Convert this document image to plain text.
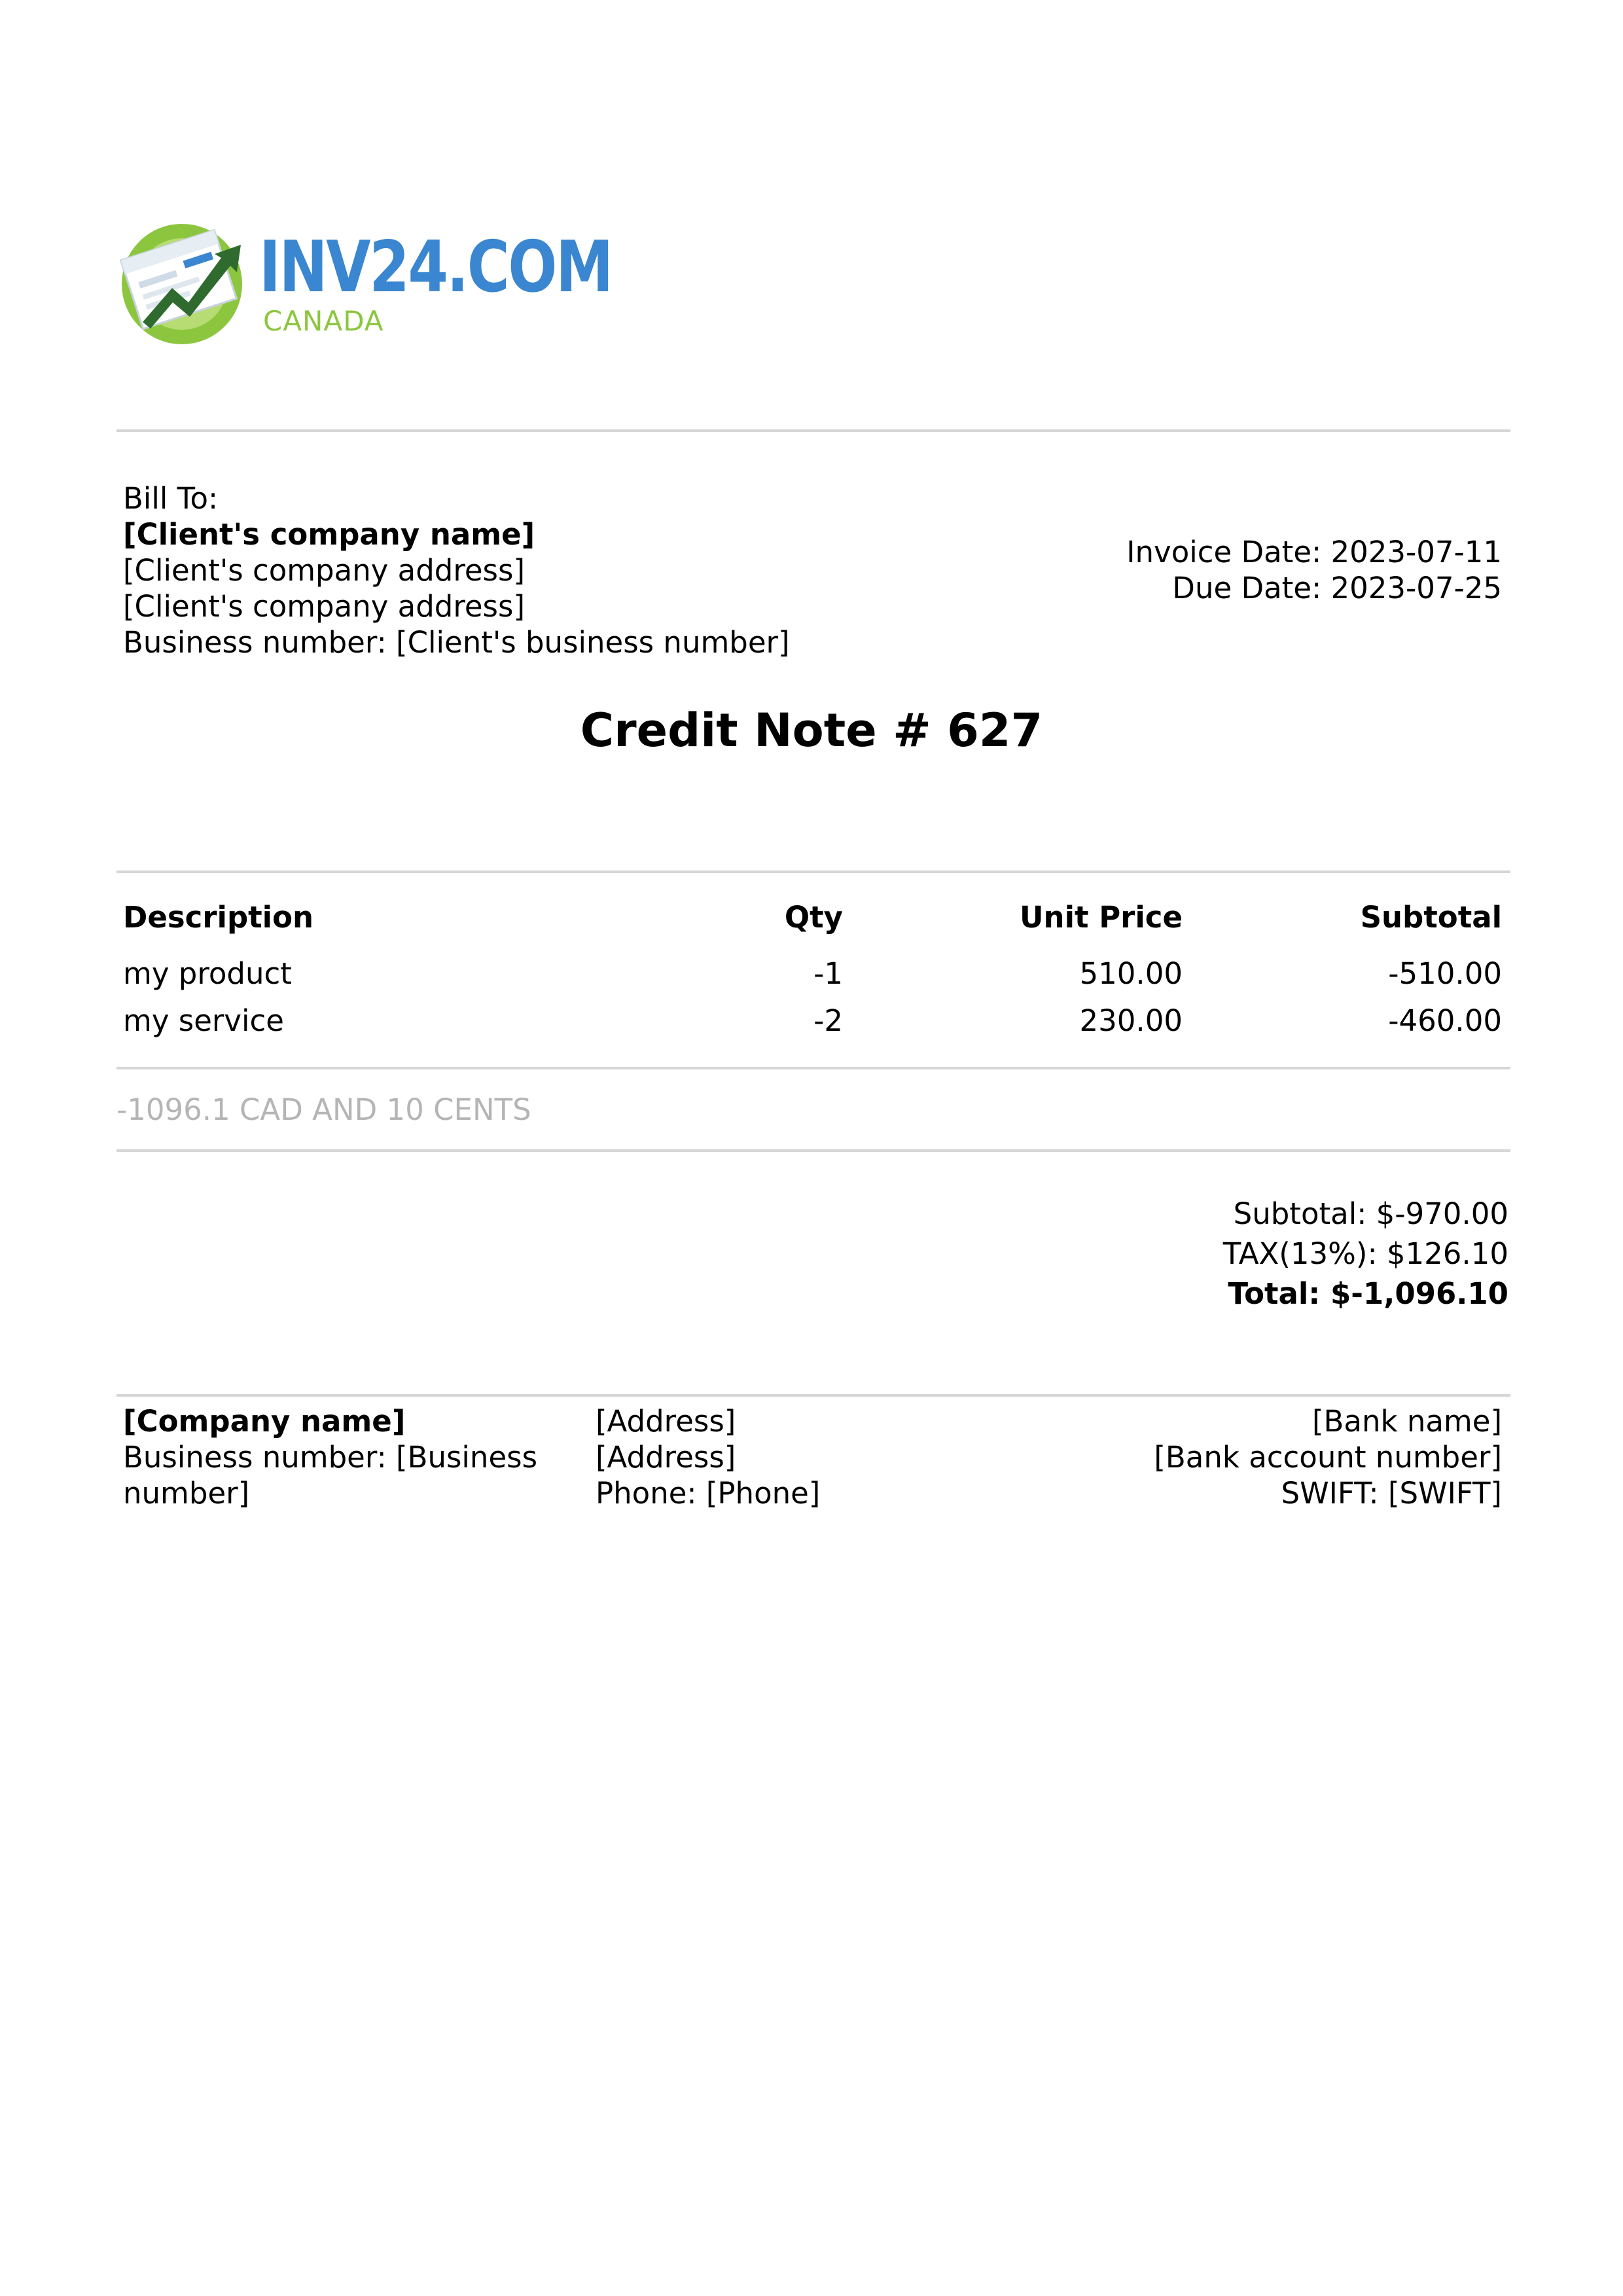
INV24.COM
CANADA
Bill To:
[Client's company name]
[Client's company address]
[Client's company address]
Business number: [Client's business number]
Invoice Date: 2023-07-11
Due Date: 2023-07-25
Credit Note # 627
Description	Qty	Unit Price	Subtotal
my product	-1	510.00	-510.00
my service	-2	230.00	-460.00
-1096.1 CAD AND 10 CENTS
Subtotal: $-970.00
TAX(13%): $126.10
Total: $-1,096.10
[Company name]
Business number: [Business
number]
[Address]
[Address]
Phone: [Phone]
[Bank name]
[Bank account number]
SWIFT: [SWIFT]
